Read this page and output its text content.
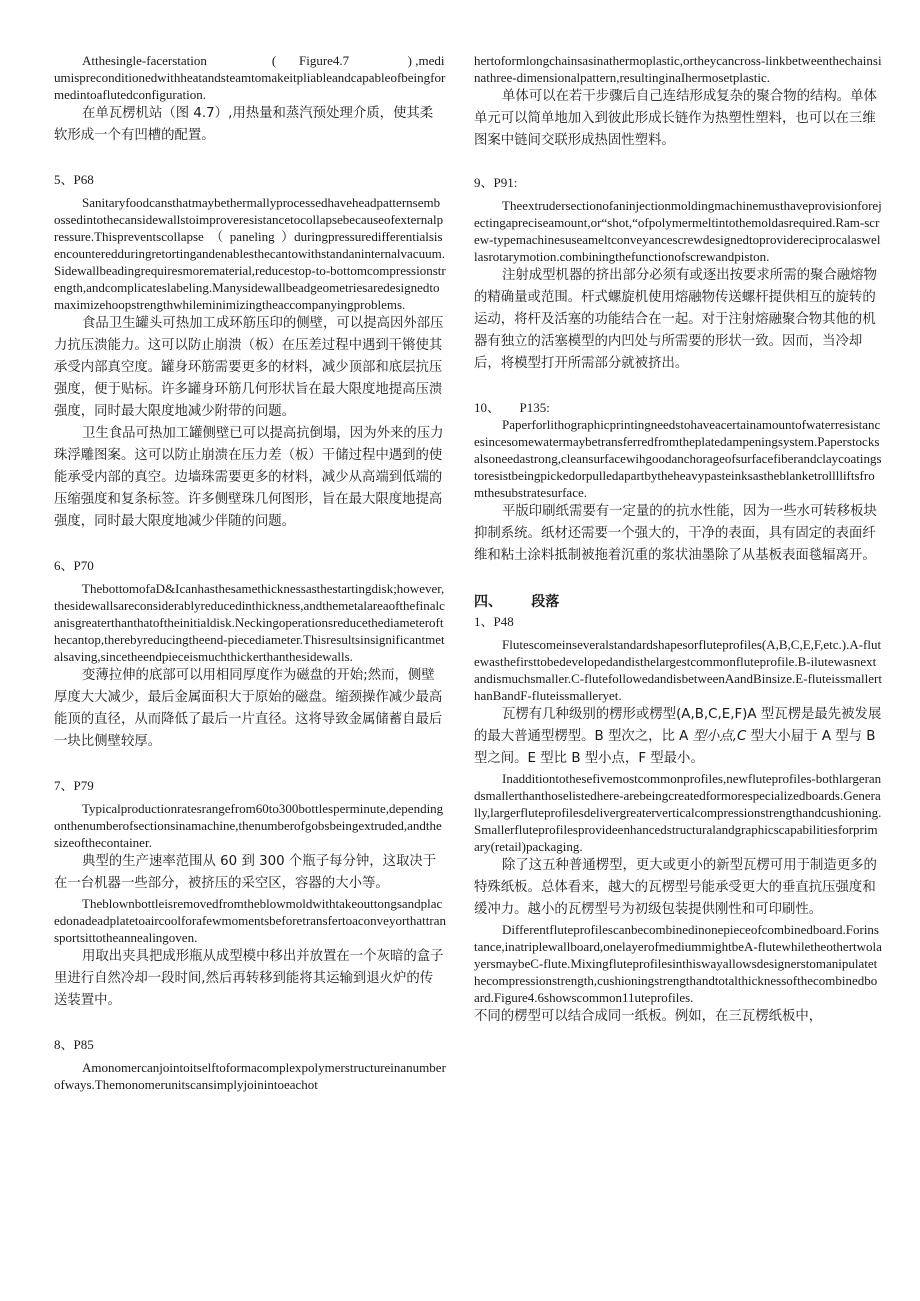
Atthesingle-facerstation                    (       Figure4.7                  ) ,mediumispreconditionedwithheatandsteamtomakeitpliableandcapableofbeingformedintoaflutedconfiguration.

在单瓦楞机站（图 4.7）,用热量和蒸汽预处理介质，使其柔软形成一个有凹槽的配置。

5、P68

Sanitaryfoodcansthatmaybethermallyprocessedhaveheadpatternsembossedintothecansidewallstoimproveresistancetocollapsebecauseofexternalpressure.Thispreventscollapse  （  paneling  ）duringpressuredifferentialsisencounteredduringretortingandenablesthecantowithstandaninternalvacuum.Sidewallbeadingrequiresmorematerial,reducestop-to-bottomcompressionstrength,andcomplicateslabeling.Manysidewallbeadgeometriesaredesignedtomaximizehoopstrengthwhileminimizingtheaccompanyingproblems.

食品卫生罐头可热加工成环筋压印的侧壁，可以提高因外部压力抗压溃能力。这可以防止崩溃（板）在压差过程中遇到干锵使其承受内部真空度。罐身环筋需要更多的材料，减少顶部和底层抗压强度，便于贴标。许多罐身环筋几何形状旨在最大限度地提高压溃强度，同时最大限度地减少附带的问题。

卫生食品可热加工罐侧壁已可以提高抗倒塌，因为外来的压力珠浮雕图案。这可以防止崩溃在压力差（板）干储过程中遇到的使能承受内部的真空。边墙珠需要更多的材料，减少从高端到低端的压缩强度和复条标签。许多侧壁珠几何图形，旨在最大限度地提高强度，同时最大限度地减少伴随的问题。

6、P70

ThebottomofaD&Icanhasthesamethicknessasthestartingdisk;however,thesidewallsareconsiderablyreducedinthickness,andthemetalareaofthefinalcanisgreaterthanthatoftheinitialdisk.Neckingoperationsreducethediameterofthecantop,therebyreducingtheend-piecediameter.Thisresultsinsignificantmetalsaving,sincetheendpieceismuchthickerthanthesidewalls.

变薄拉伸的底部可以用相同厚度作为磁盘的开始;然而，侧壁厚度大大减少，最后金属面积大于原始的磁盘。缩颈操作减少最高能顶的直径，从而降低了最后一片直径。这将导致金属储蓄自最后一块比侧壁较厚。

7、P79

Typicalproductionratesrangefrom60to300bottlesperminute,dependingonthenumberofsectionsinamachine,thenumberofgobsbeingextruded,andthesizeofthecontainer.

典型的生产速率范围从 60 到 300 个瓶子每分钟，这取决于在一台机器一些部分，被挤压的采空区，容器的大小等。

Theblownbottleisremovedfromtheblowmoldwithtakeouttongsandplacedonadeadplatetoaircoolforafewmomentsbeforetransfertoaconveyorthattransportsittotheannealingoven.

用取出夹具把成形瓶从成型模中移出并放置在一个灰暗的盒子里进行自然冷却一段时间,然后再转移到能将其运输到退火炉的传送装置中。

8、P85

Amonomercanjointoitselftoformacomplexpolymerstructureinanumberofways.Themonomerunitscansimplyjoinintoeachot

hertoformlongchainsasinathermoplastic,ortheycancross-linkbetweenthechainsinathree-dimensionalpattern,resultinginaIhermosetplastic.

单体可以在若干步骤后自己连结形成复杂的聚合物的结构。单体单元可以简单地加入到彼此形成长链作为热塑性塑料，也可以在三维图案中链间交联形成热固性塑料。

9、P91:

Theextrudersectionofaninjectionmoldingmachinemusthaveprovisionforejectingapreciseamount,or“shot,“ofpolymermeltintothemoldasrequired.Ram-screw-typemachinesuseameltconveyancescrewdesignedtoprovidereciprocalaswellasrotarymotion.combiningthefunctionofscrewandpiston.

注射成型机器的挤出部分必须有或逐出按要求所需的聚合融熔物的精确量或范围。杆式螺旋机使用熔融物传送螺杆提供相互的旋转的运动，将杆及活塞的功能结合在一起。对于注射熔融聚合物其他的机器有独立的活塞模型的内凹处与所需要的形状一致。因而，当冷却后，将模型打开所需部分就被挤出。

10、      P135:

Paperforlithographicprintingneedstohaveacertainamountofwaterresistancesincesomewatermaybetransferredfromtheplatedampeningsystem.Paperstocksalsoneedastrong,cleansurfacewihgoodanchorageofsurfacefiberandclaycoatingstoresistbeingpickedorpulledapartbytheheavypasteinksastheblanketrolllliftsfromthesubstratesurface.

平版印刷纸需要有一定量的的抗水性能，因为一些水可转移板块抑制系统。纸材还需要一个强大的，干净的表面，具有固定的表面纤维和粘土涂料抵制被拖着沉重的浆状油墨除了从基板表面毯辐离开。

四、      段落

1、P48

Flutescomeinseveralstandardshapesorfluteprofiles(A,B,C,E,F,etc.).A-flutewasthefirsttobedevelopedandisthelargestcommonfluteprofile.B-ilutewasnextandismuchsmaller.C-flutefollowedandisbetweenAandBinsize.E-fluteissmallerthanBandF-fluteissmalleryet.

瓦楞有几种级别的楞形或楞型(A,B,C,E,F)A 型瓦楞是最先被发展的最大普通型楞型。B 型次之，比 A 型小点,C 型大小屇于 A 型与 B 型之间。E 型比 B 型小点，F 型最小。

Inadditiontothesefivemostcommonprofiles,newfluteprofiles-bothlargerandsmallerthanthoselistedhere-arebeingcreatedformorespecializedboards.Generally,largerfluteprofilesdelivergreaterverticalcompressionstrengthandcushioning.Smallerfluteprofilesprovideenhancedstructuralandgraphicscapabilitiesforprimary(retail)packaging.

除了这五种普通楞型，更大或更小的新型瓦楞可用于制造更多的特殊纸板。总体看来，越大的瓦楞型号能承受更大的垂直抗压强度和缓冲力。越小的瓦楞型号为初级包装提供刚性和可印刷性。

Differentfluteprofilescanbecombinedinonepieceofcombinedboard.Forinstance,inatriplewallboard,onelayerofmediummightbeA-flutewhiletheothertwolayersmaybeC-flute.Mixingfluteprofilesinthiswayallowsdesignerstomanipulatethecompressionstrength,cushioningstrengthandtotalthicknessofthecombinedboard.Figure4.6showscommon11uteprofiles.

不同的楞型可以结合成同一纸板。例如，在三瓦楞纸板中，
